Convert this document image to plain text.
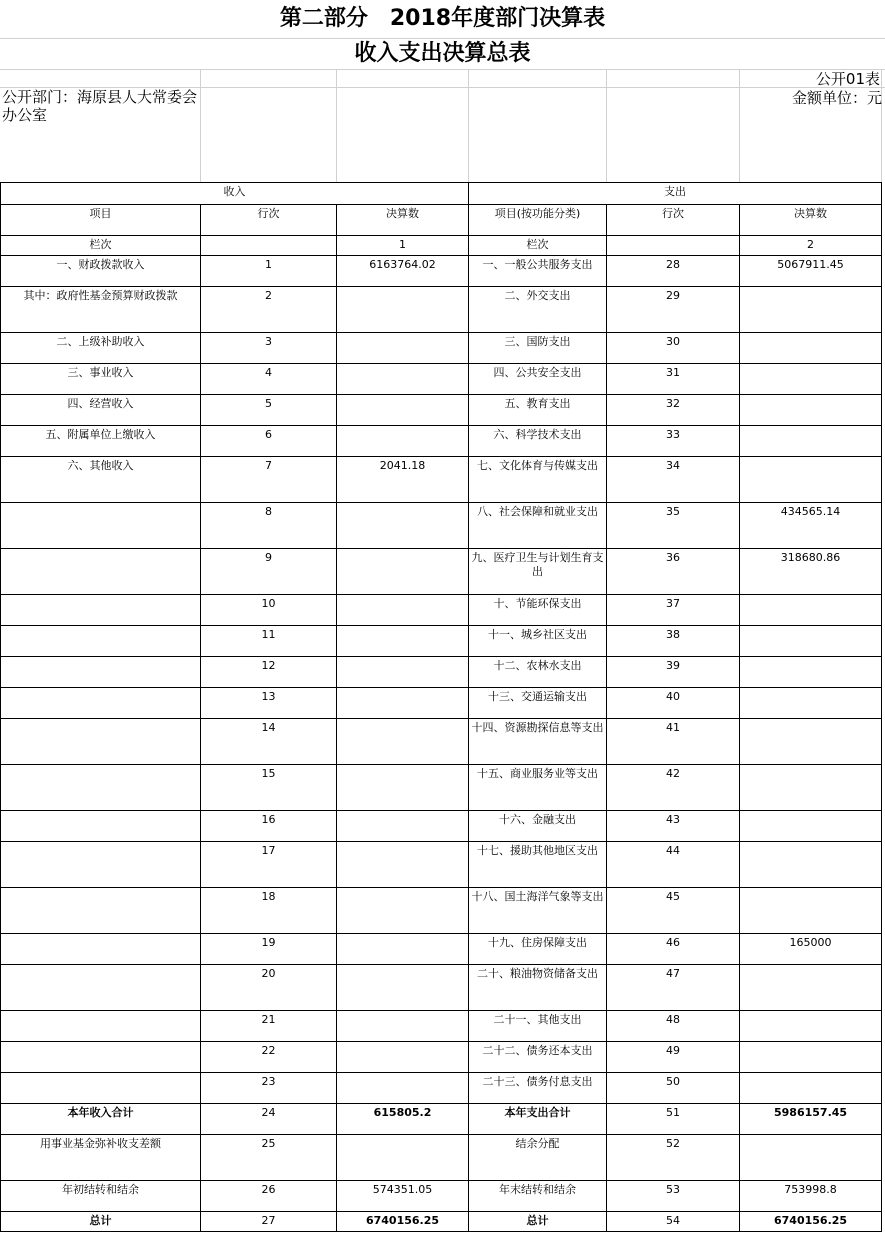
第二部分　2018年度部门决算表
收入支出决算总表
公开部门：海原县人大常委会办公室
公开01表
金额单位：元
收入			支出		
项目	行次	决算数	项目(按功能分类)	行次	决算数
栏次		1	栏次		2

一、财政拨款收入	1	6163764.02	一、一般公共服务支出	28	5067911.45

其中：政府性基金预算财政拨款	2		二、外交支出	29	

二、上级补助收入	3		三、国防支出	30	

三、事业收入	4		四、公共安全支出	31	

四、经营收入	5		五、教育支出	32	

五、附属单位上缴收入	6		六、科学技术支出	33	

六、其他收入	7	2041.18	七、文化体育与传媒支出	34	

	8		八、社会保障和就业支出	35	434565.14

	9		九、医疗卫生与计划生育支出	36	318680.86

	10		十、节能环保支出	37	

	11		十一、城乡社区支出	38	

	12		十二、农林水支出	39	

	13		十三、交通运输支出	40	

	14		十四、资源勘探信息等支出	41	

	15		十五、商业服务业等支出	42	

	16		十六、金融支出	43	

	17		十七、援助其他地区支出	44	

	18		十八、国土海洋气象等支出	45	

	19		十九、住房保障支出	46	165000

	20		二十、粮油物资储备支出	47	

	21		二十一、其他支出	48	

	22		二十二、债务还本支出	49	

	23		二十三、债务付息支出	50	

本年收入合计	24	615805.2	本年支出合计	51	5986157.45

用事业基金弥补收支差额	25		结余分配	52	

年初结转和结余	26	574351.05	年末结转和结余	53	753998.8

总计	27	6740156.25	总计	54	6740156.25
